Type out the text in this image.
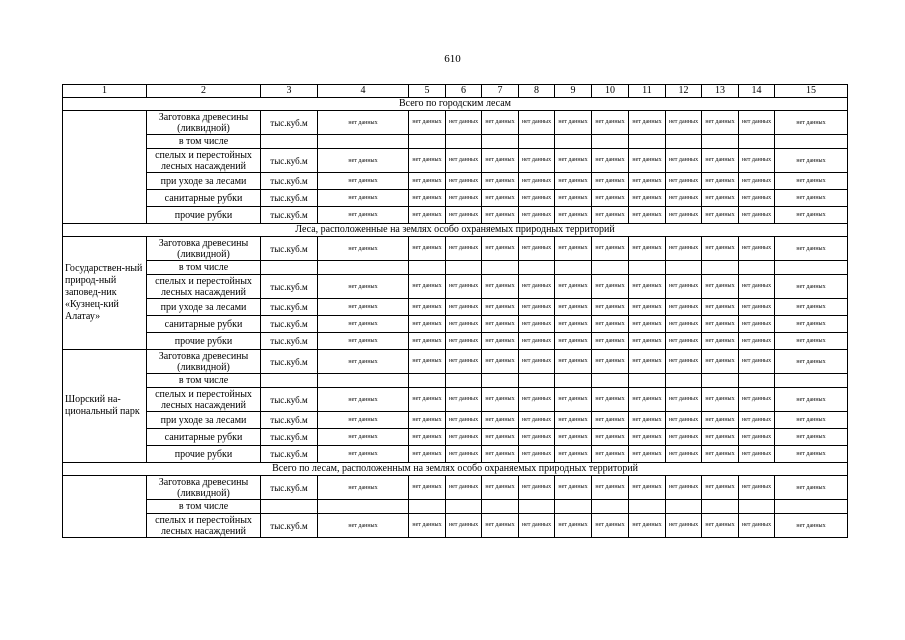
610
1	2	3	4	5	6	7	8	9	10	11	12	13	14	15
Всего по городским лесам														
	Заготовка древесины (ликвидной)	тыс.куб.м	нет данных	нет данных	нет данных	нет данных	нет данных	нет данных	нет данных	нет данных	нет данных	нет данных	нет данных	нет данных
	в том числе													
	спелых и перестойных лесных насаждений	тыс.куб.м	нет данных	нет данных	нет данных	нет данных	нет данных	нет данных	нет данных	нет данных	нет данных	нет данных	нет данных	нет данных
	при уходе за лесами	тыс.куб.м	нет данных	нет данных	нет данных	нет данных	нет данных	нет данных	нет данных	нет данных	нет данных	нет данных	нет данных	нет данных
	санитарные рубки	тыс.куб.м	нет данных	нет данных	нет данных	нет данных	нет данных	нет данных	нет данных	нет данных	нет данных	нет данных	нет данных	нет данных
	прочие рубки	тыс.куб.м	нет данных	нет данных	нет данных	нет данных	нет данных	нет данных	нет данных	нет данных	нет данных	нет данных	нет данных	нет данных
Леса, расположенные на землях особо охраняемых природных территорий														
Государствен-ный природ-ный заповед-ник «Кузнец-кий Алатау»	Заготовка древесины (ликвидной)	тыс.куб.м	нет данных	нет данных	нет данных	нет данных	нет данных	нет данных	нет данных	нет данных	нет данных	нет данных	нет данных	нет данных
	в том числе													
	спелых и перестойных лесных насаждений	тыс.куб.м	нет данных	нет данных	нет данных	нет данных	нет данных	нет данных	нет данных	нет данных	нет данных	нет данных	нет данных	нет данных
	при уходе за лесами	тыс.куб.м	нет данных	нет данных	нет данных	нет данных	нет данных	нет данных	нет данных	нет данных	нет данных	нет данных	нет данных	нет данных
	санитарные рубки	тыс.куб.м	нет данных	нет данных	нет данных	нет данных	нет данных	нет данных	нет данных	нет данных	нет данных	нет данных	нет данных	нет данных
	прочие рубки	тыс.куб.м	нет данных	нет данных	нет данных	нет данных	нет данных	нет данных	нет данных	нет данных	нет данных	нет данных	нет данных	нет данных
Шорский на-циональный парк	Заготовка древесины (ликвидной)	тыс.куб.м	нет данных	нет данных	нет данных	нет данных	нет данных	нет данных	нет данных	нет данных	нет данных	нет данных	нет данных	нет данных
	в том числе													
	спелых и перестойных лесных насаждений	тыс.куб.м	нет данных	нет данных	нет данных	нет данных	нет данных	нет данных	нет данных	нет данных	нет данных	нет данных	нет данных	нет данных
	при уходе за лесами	тыс.куб.м	нет данных	нет данных	нет данных	нет данных	нет данных	нет данных	нет данных	нет данных	нет данных	нет данных	нет данных	нет данных
	санитарные рубки	тыс.куб.м	нет данных	нет данных	нет данных	нет данных	нет данных	нет данных	нет данных	нет данных	нет данных	нет данных	нет данных	нет данных
	прочие рубки	тыс.куб.м	нет данных	нет данных	нет данных	нет данных	нет данных	нет данных	нет данных	нет данных	нет данных	нет данных	нет данных	нет данных
Всего по лесам, расположенным на землях особо охраняемых природных территорий														
	Заготовка древесины (ликвидной)	тыс.куб.м	нет данных	нет данных	нет данных	нет данных	нет данных	нет данных	нет данных	нет данных	нет данных	нет данных	нет данных	нет данных
	в том числе													
	спелых и перестойных лесных насаждений	тыс.куб.м	нет данных	нет данных	нет данных	нет данных	нет данных	нет данных	нет данных	нет данных	нет данных	нет данных	нет данных	нет данных
